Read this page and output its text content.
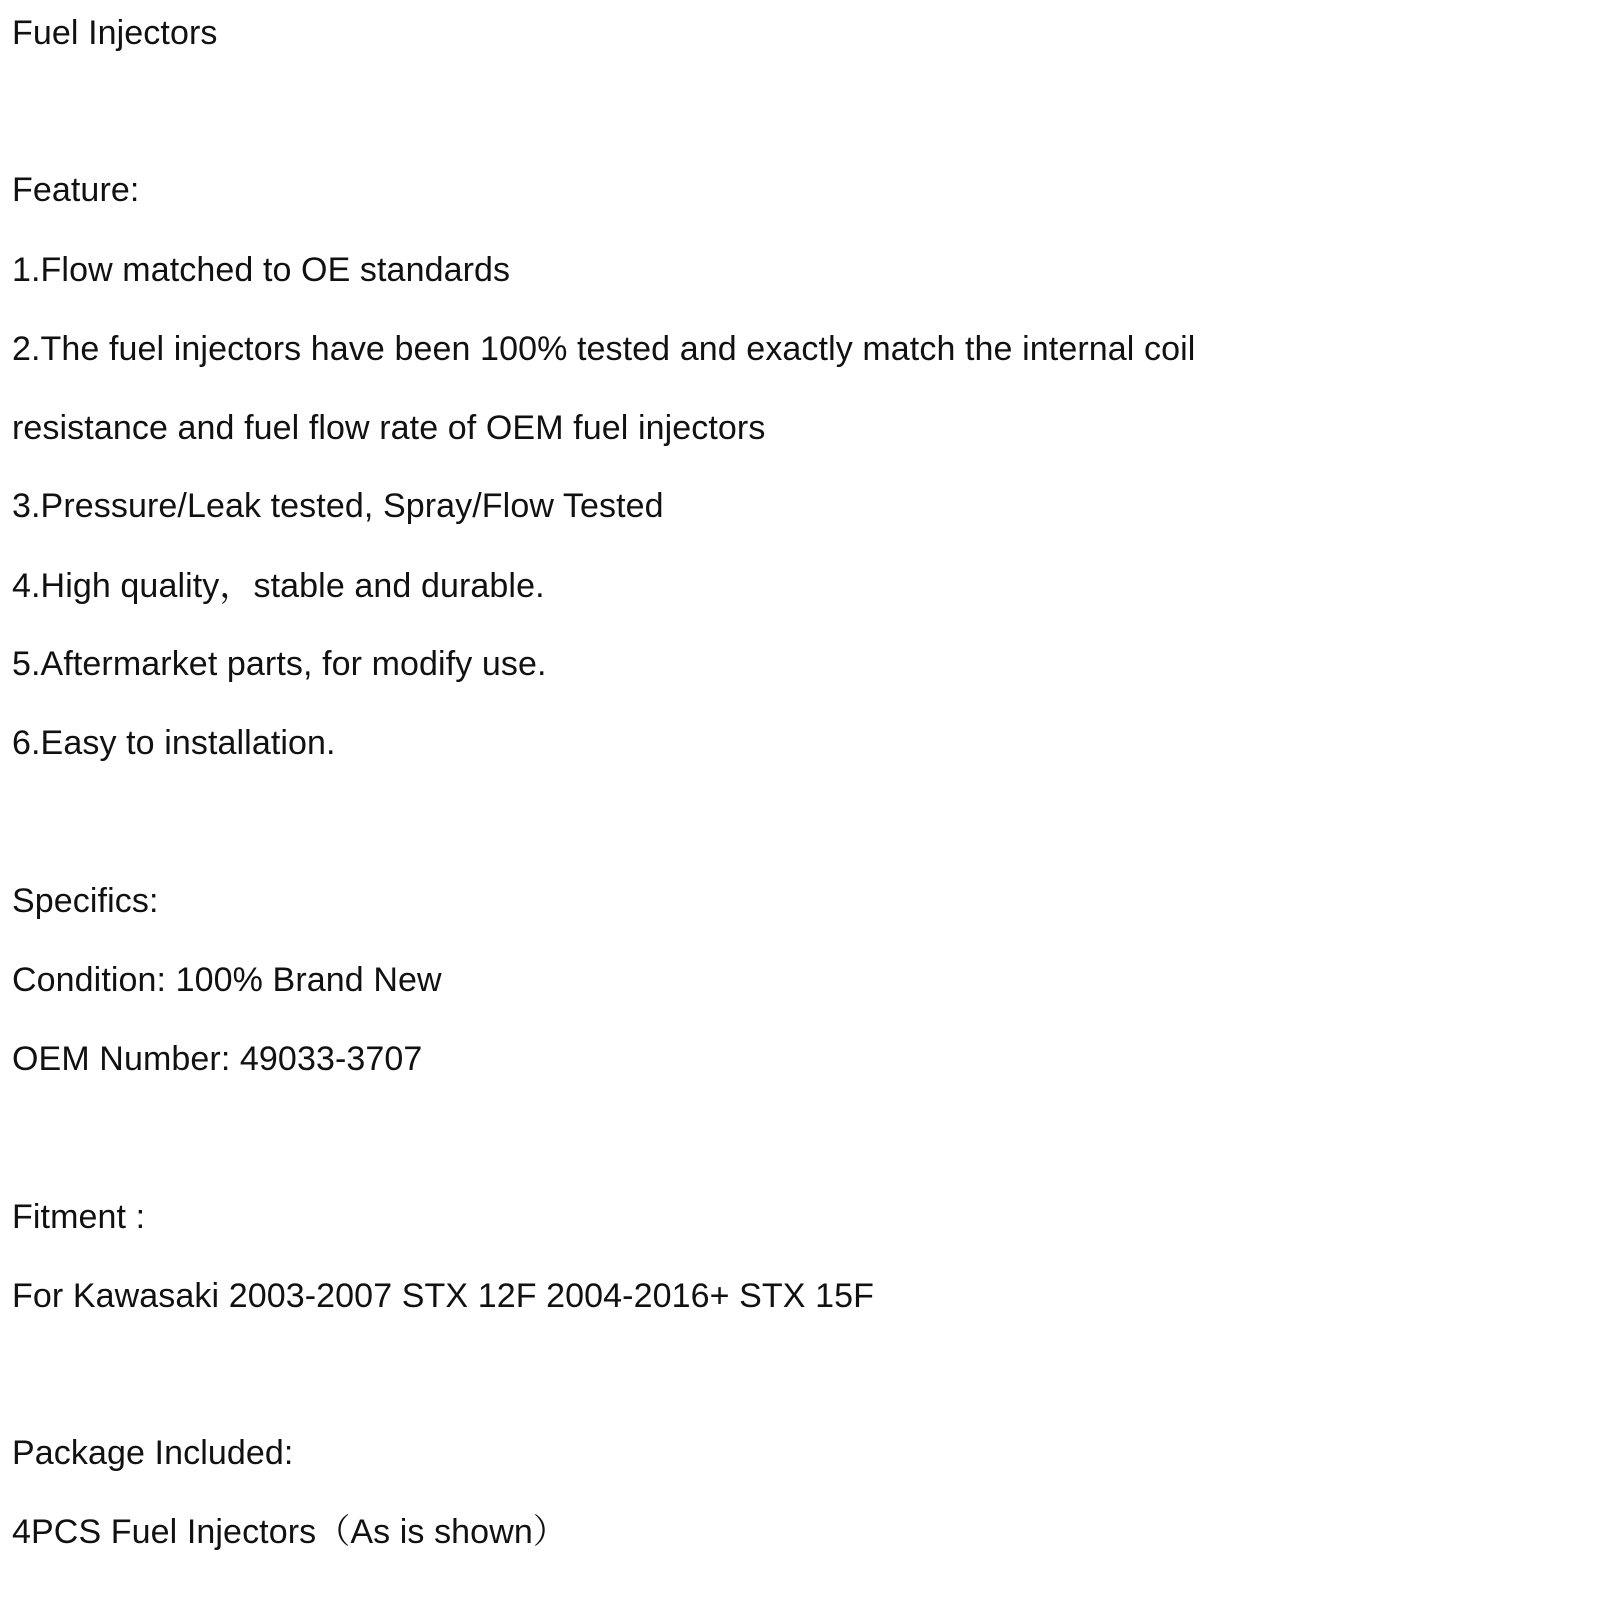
Fuel Injectors
Feature:
1.Flow matched to OE standards
2.The fuel injectors have been 100% tested and exactly match the internal coil
resistance and fuel flow rate of OEM fuel injectors
3.Pressure/Leak tested, Spray/Flow Tested
4.High quality，stable and durable.
5.Aftermarket parts, for modify use.
6.Easy to installation.
Specifics:
Condition: 100% Brand New
OEM Number: 49033-3707
Fitment :
For Kawasaki 2003-2007 STX 12F 2004-2016+ STX 15F
Package Included:
4PCS Fuel Injectors（As is shown）
